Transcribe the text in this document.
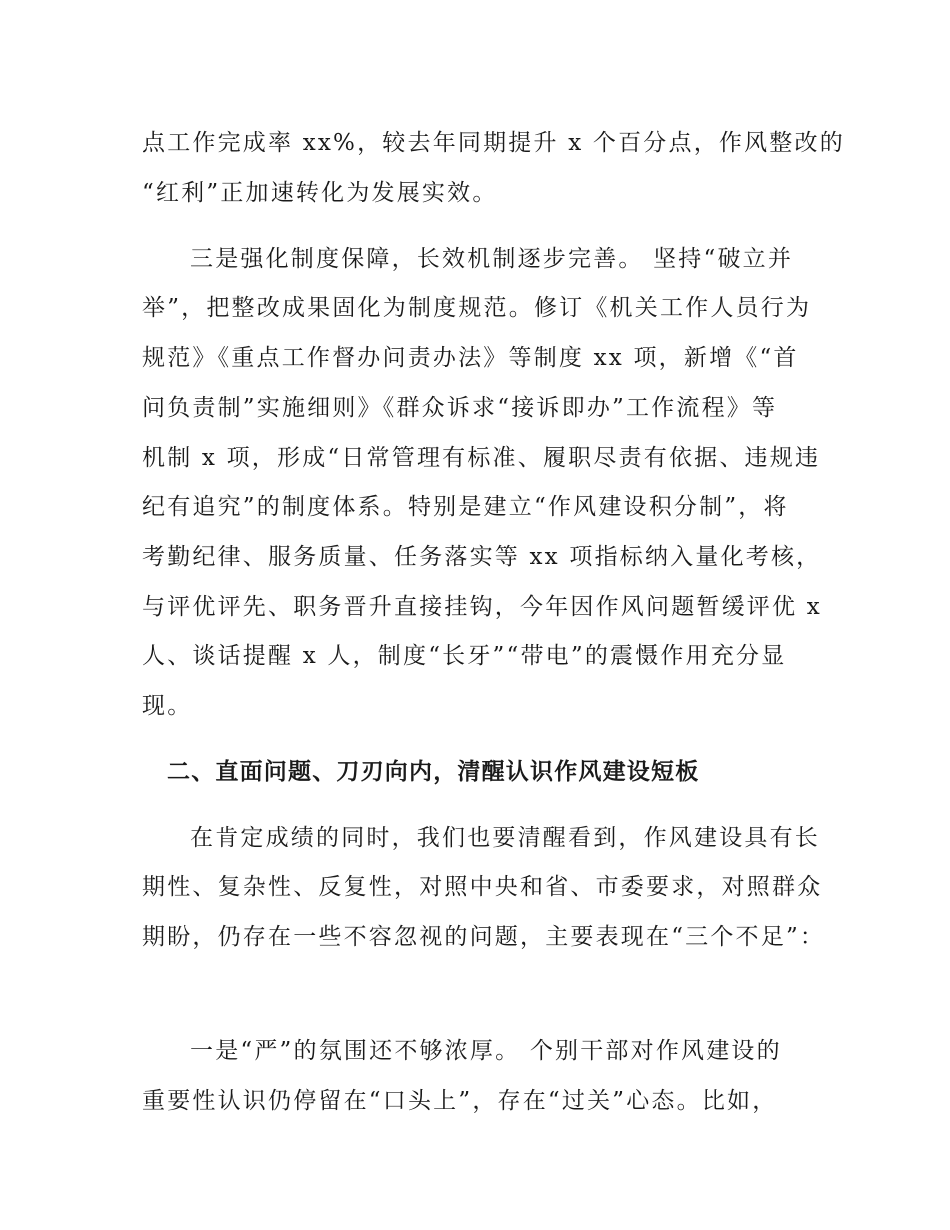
点工作完成率 xx%，较去年同期提升 x 个百分点，作风整改的
“红利”正加速转化为发展实效。
三是强化制度保障，长效机制逐步完善。 坚持“破立并
举”，把整改成果固化为制度规范。修订《机关工作人员行为
规范》《重点工作督办问责办法》等制度 xx 项，新增《“首
问负责制”实施细则》《群众诉求“接诉即办”工作流程》等
机制 x 项，形成“日常管理有标准、履职尽责有依据、违规违
纪有追究”的制度体系。特别是建立“作风建设积分制”，将
考勤纪律、服务质量、任务落实等 xx 项指标纳入量化考核，
与评优评先、职务晋升直接挂钩，今年因作风问题暂缓评优 x
人、谈话提醒 x 人，制度“长牙”“带电”的震慑作用充分显
现。
二、直面问题、刀刃向内，清醒认识作风建设短板
在肯定成绩的同时，我们也要清醒看到，作风建设具有长
期性、复杂性、反复性，对照中央和省、市委要求，对照群众
期盼，仍存在一些不容忽视的问题，主要表现在“三个不足”：
一是“严”的氛围还不够浓厚。 个别干部对作风建设的
重要性认识仍停留在“口头上”，存在“过关”心态。比如，
